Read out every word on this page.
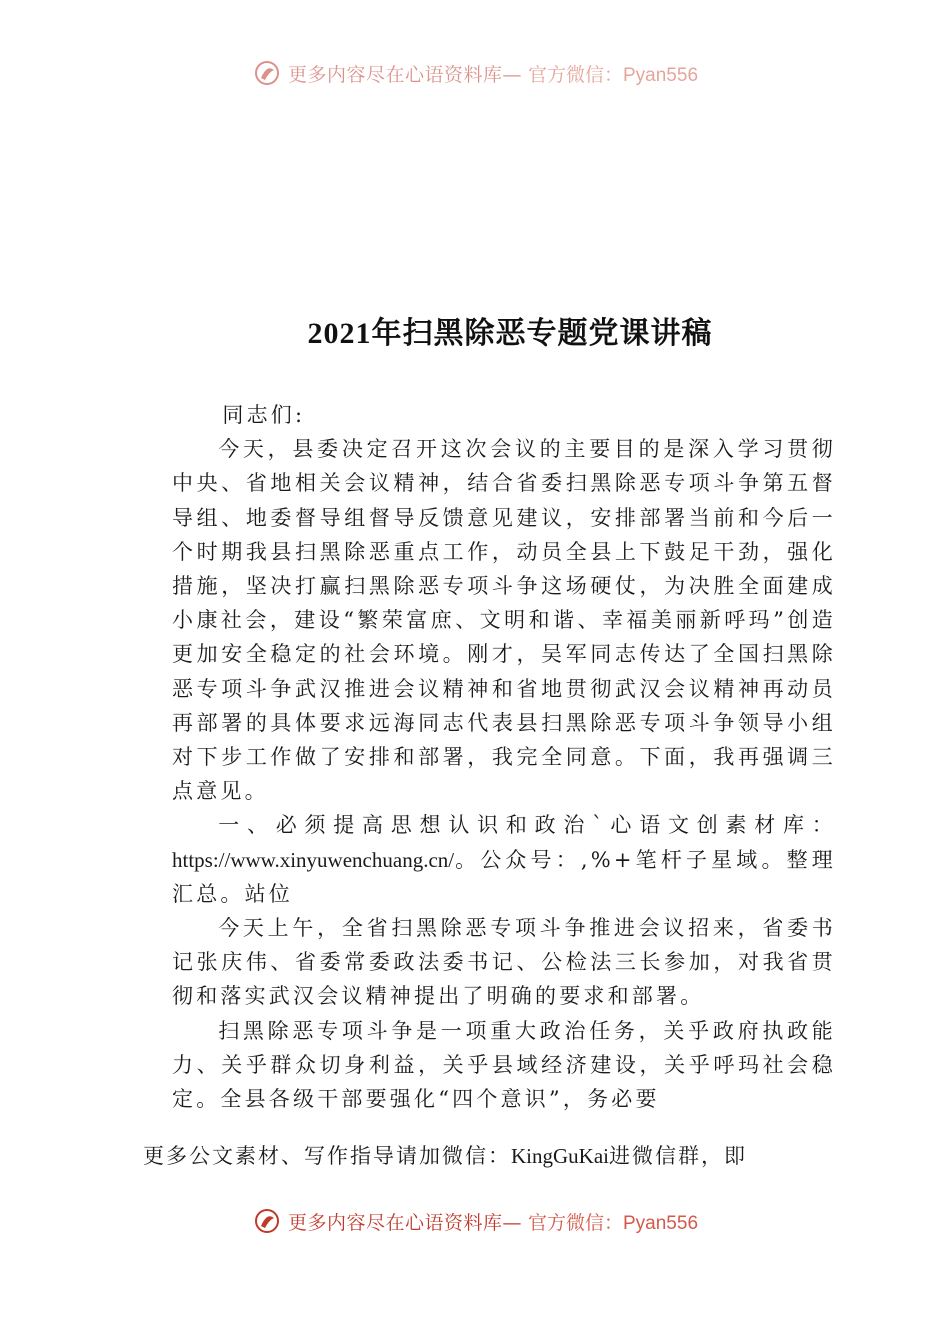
更多内容尽在心语资料库— 官方微信：Pyan556
2021年扫黑除恶专题党课讲稿

同志们:

今天，县委决定召开这次会议的主要目的是深入学习贯彻中央、省地相关会议精神，结合省委扫黑除恶专项斗争第五督导组、地委督导组督导反馈意见建议，安排部署当前和今后一个时期我县扫黑除恶重点工作，动员全县上下鼓足干劲，强化措施，坚决打赢扫黑除恶专项斗争这场硬仗，为决胜全面建成小康社会，建设“繁荣富庶、文明和谐、幸福美丽新呼玛”创造更加安全稳定的社会环境。刚才，吴军同志传达了全国扫黑除恶专项斗争武汉推进会议精神和省地贯彻武汉会议精神再动员再部署的具体要求远海同志代表县扫黑除恶专项斗争领导小组对下步工作做了安排和部署，我完全同意。下面，我再强调三点意见。

一、必须提高思想认识和政治`心语文创素材库：https://www.xinyuwenchuang.cn/。公众号：,%+笔杆子星域。整理汇总。站位

今天上午，全省扫黑除恶专项斗争推进会议招来，省委书记张庆伟、省委常委政法委书记、公检法三长参加，对我省贯彻和落实武汉会议精神提出了明确的要求和部署。

扫黑除恶专项斗争是一项重大政治任务，关乎政府执政能力、关乎群众切身利益，关乎县域经济建设，关乎呼玛社会稳定。全县各级干部要强化“四个意识”，务必要

更多公文素材、写作指导请加微信：KingGuKai进微信群，即
更多内容尽在心语资料库— 官方微信：Pyan556
